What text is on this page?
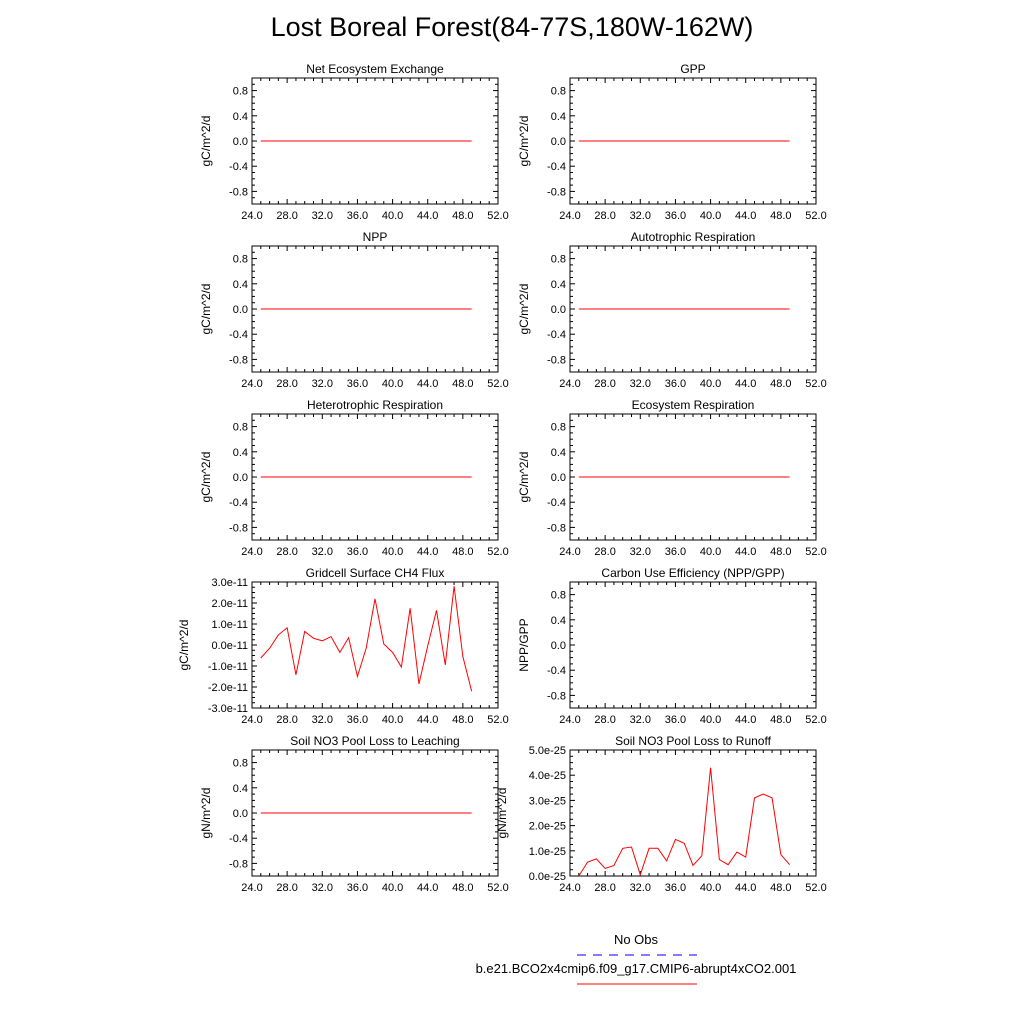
Lost Boreal Forest(84-77S,180W-162W)
24.0 28.0 32.0 36.0 40.0 44.0 48.0 52.0
0.8
0.4
0.0
-0.4
-0.8
Net Ecosystem Exchange
gC/m^2/d
24.0 28.0 32.0 36.0 40.0 44.0 48.0 52.0
0.8
0.4
0.0
-0.4
-0.8
GPP
gC/m^2/d
24.0 28.0 32.0 36.0 40.0 44.0 48.0 52.0
0.8
0.4
0.0
-0.4
-0.8
NPP
gC/m^2/d
24.0 28.0 32.0 36.0 40.0 44.0 48.0 52.0
0.8
0.4
0.0
-0.4
-0.8
Autotrophic Respiration
gC/m^2/d
24.0 28.0 32.0 36.0 40.0 44.0 48.0 52.0
0.8
0.4
0.0
-0.4
-0.8
Heterotrophic Respiration
gC/m^2/d
24.0 28.0 32.0 36.0 40.0 44.0 48.0 52.0
0.8
0.4
0.0
-0.4
-0.8
Ecosystem Respiration
gC/m^2/d
24.0 28.0 32.0 36.0 40.0 44.0 48.0 52.0
3.0e-11
2.0e-11
1.0e-11
0.0e-11
-1.0e-11
-2.0e-11
-3.0e-11
Gridcell Surface CH4 Flux
gC/m^2/d
24.0 28.0 32.0 36.0 40.0 44.0 48.0 52.0
0.8
0.4
0.0
-0.4
-0.8
Carbon Use Efficiency (NPP/GPP)
NPP/GPP
24.0 28.0 32.0 36.0 40.0 44.0 48.0 52.0
0.8
0.4
0.0
-0.4
-0.8
Soil NO3 Pool Loss to Leaching
gN/m^2/d
24.0 28.0 32.0 36.0 40.0 44.0 48.0 52.0
5.0e-25
4.0e-25
3.0e-25
2.0e-25
1.0e-25
0.0e-25
Soil NO3 Pool Loss to Runoff
gN/m^2/d
No Obs
b.e21.BCO2x4cmip6.f09_g17.CMIP6-abrupt4xCO2.001
